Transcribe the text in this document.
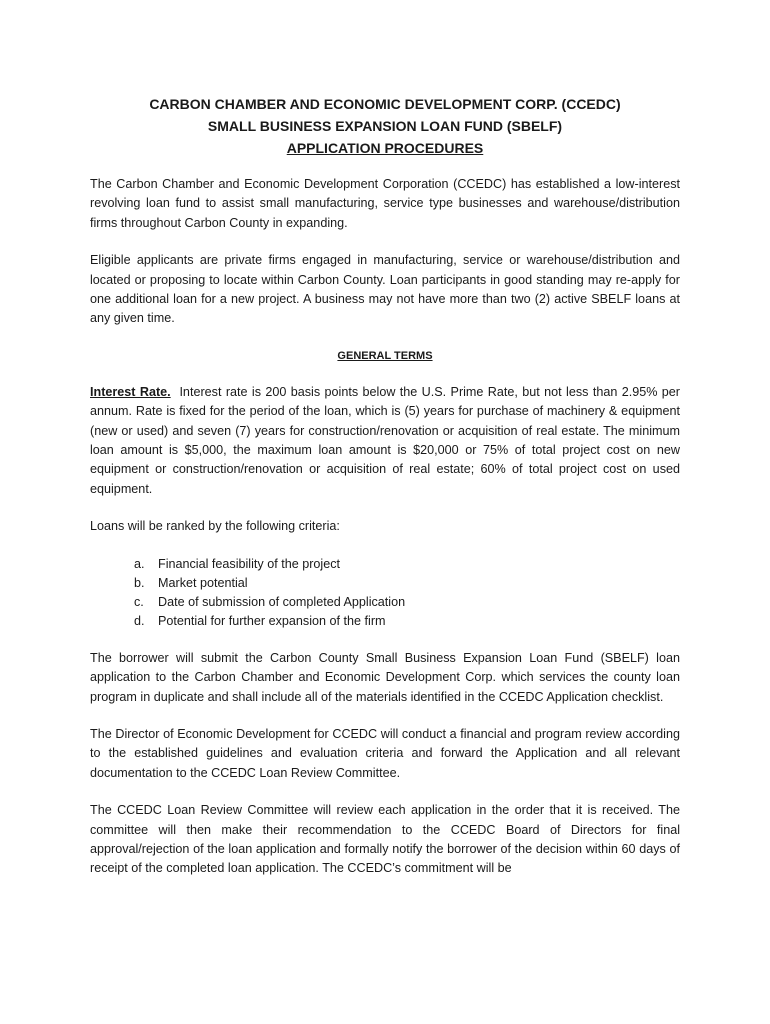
CARBON CHAMBER AND ECONOMIC DEVELOPMENT CORP. (CCEDC)
SMALL BUSINESS EXPANSION LOAN FUND (SBELF)
APPLICATION PROCEDURES

The Carbon Chamber and Economic Development Corporation (CCEDC) has established a low-interest revolving loan fund to assist small manufacturing, service type businesses and warehouse/distribution firms throughout Carbon County in expanding.

Eligible applicants are private firms engaged in manufacturing, service or warehouse/distribution and located or proposing to locate within Carbon County. Loan participants in good standing may re-apply for one additional loan for a new project. A business may not have more than two (2) active SBELF loans at any given time.

GENERAL TERMS

Interest Rate. Interest rate is 200 basis points below the U.S. Prime Rate, but not less than 2.95% per annum. Rate is fixed for the period of the loan, which is (5) years for purchase of machinery & equipment (new or used) and seven (7) years for construction/renovation or acquisition of real estate. The minimum loan amount is $5,000, the maximum loan amount is $20,000 or 75% of total project cost on new equipment or construction/renovation or acquisition of real estate; 60% of total project cost on used equipment.

Loans will be ranked by the following criteria:

a.	Financial feasibility of the project
b.	Market potential
c.	Date of submission of completed Application
d.	Potential for further expansion of the firm

The borrower will submit the Carbon County Small Business Expansion Loan Fund (SBELF) loan application to the Carbon Chamber and Economic Development Corp. which services the county loan program in duplicate and shall include all of the materials identified in the CCEDC Application checklist.

The Director of Economic Development for CCEDC will conduct a financial and program review according to the established guidelines and evaluation criteria and forward the Application and all relevant documentation to the CCEDC Loan Review Committee.

The CCEDC Loan Review Committee will review each application in the order that it is received. The committee will then make their recommendation to the CCEDC Board of Directors for final approval/rejection of the loan application and formally notify the borrower of the decision within 60 days of receipt of the completed loan application. The CCEDC’s commitment will be
